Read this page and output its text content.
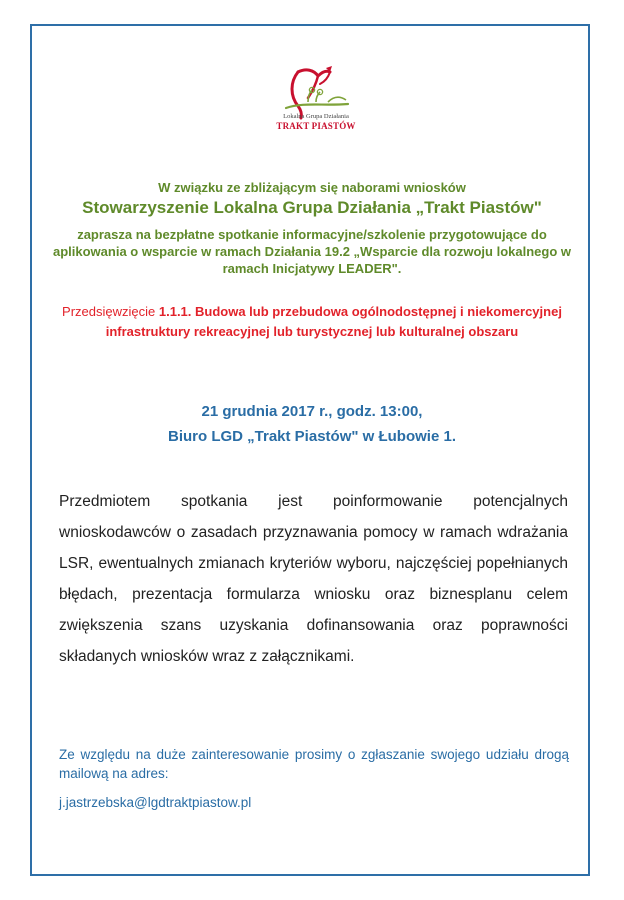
Lokalna Grupa Działania
TRAKT PIASTÓW
W związku ze zbliżającym się naborami wniosków
Stowarzyszenie Lokalna Grupa Działania „Trakt Piastów"
zaprasza na bezpłatne spotkanie informacyjne/szkolenie przygotowujące do aplikowania o wsparcie w ramach Działania 19.2 „Wsparcie dla rozwoju lokalnego w ramach Inicjatywy LEADER".
Przedsięwzięcie 1.1.1. Budowa lub przebudowa ogólnodostępnej i niekomercyjnej infrastruktury rekreacyjnej lub turystycznej lub kulturalnej obszaru
21 grudnia 2017 r., godz. 13:00,
Biuro LGD „Trakt Piastów" w Łubowie 1.
Przedmiotem spotkania jest poinformowanie potencjalnych wnioskodawców o zasadach przyznawania pomocy w ramach wdrażania LSR, ewentualnych zmianach kryteriów wyboru, najczęściej popełnianych błędach, prezentacja formularza wniosku oraz biznesplanu celem zwiększenia szans uzyskania dofinansowania oraz poprawności składanych wniosków wraz z załącznikami.
Ze względu na duże zainteresowanie prosimy o zgłaszanie swojego udziału drogą mailową na adres:
j.jastrzebska@lgdtraktpiastow.pl
